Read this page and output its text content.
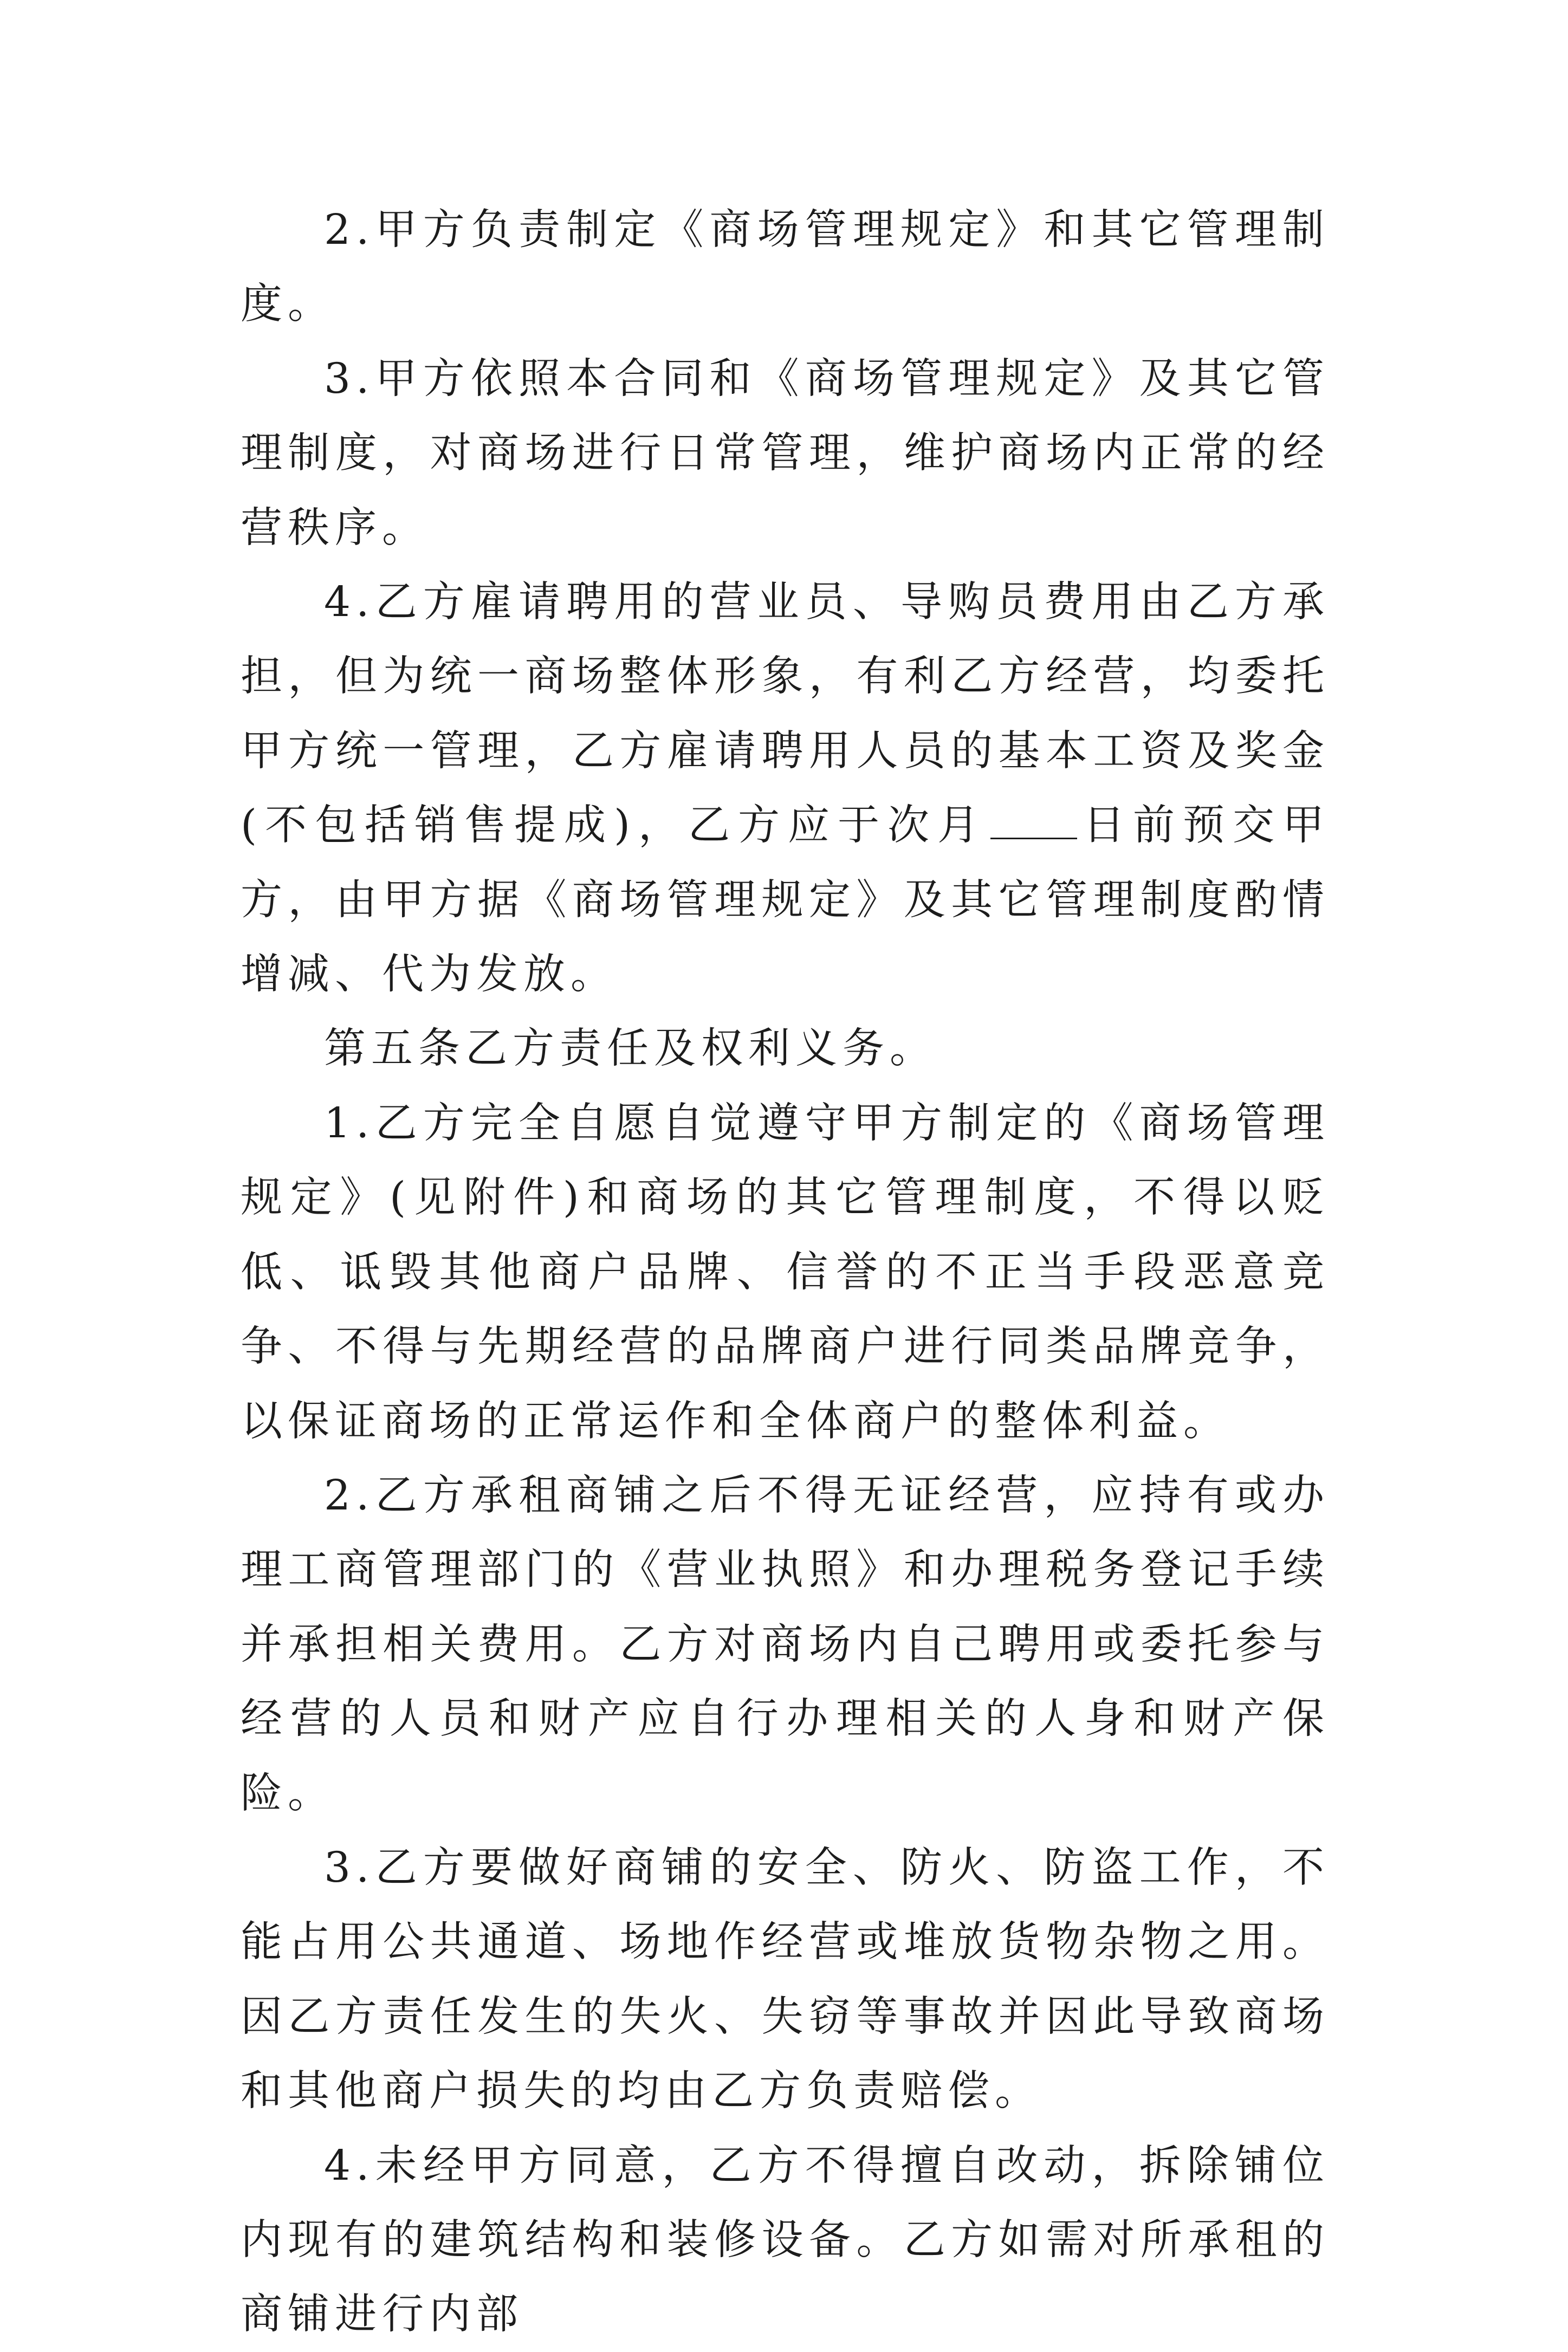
2.甲方负责制定《商场管理规定》和其它管理制度。

3.甲方依照本合同和《商场管理规定》及其它管理制度，对商场进行日常管理，维护商场内正常的经营秩序。

4.乙方雇请聘用的营业员、导购员费用由乙方承担，但为统一商场整体形象，有利乙方经营，均委托甲方统一管理，乙方雇请聘用人员的基本工资及奖金(不包括销售提成)，乙方应于次月 日前预交甲方，由甲方据《商场管理规定》及其它管理制度酌情增减、代为发放。

第五条乙方责任及权利义务。

1.乙方完全自愿自觉遵守甲方制定的《商场管理规定》(见附件)和商场的其它管理制度，不得以贬低、诋毁其他商户品牌、信誉的不正当手段恶意竞争、不得与先期经营的品牌商户进行同类品牌竞争，以保证商场的正常运作和全体商户的整体利益。

2.乙方承租商铺之后不得无证经营，应持有或办理工商管理部门的《营业执照》和办理税务登记手续并承担相关费用。乙方对商场内自己聘用或委托参与经营的人员和财产应自行办理相关的人身和财产保险。

3.乙方要做好商铺的安全、防火、防盗工作，不能占用公共通道、场地作经营或堆放货物杂物之用。因乙方责任发生的失火、失窃等事故并因此导致商场和其他商户损失的均由乙方负责赔偿。

4.未经甲方同意，乙方不得擅自改动，拆除铺位内现有的建筑结构和装修设备。乙方如需对所承租的商铺进行内部
